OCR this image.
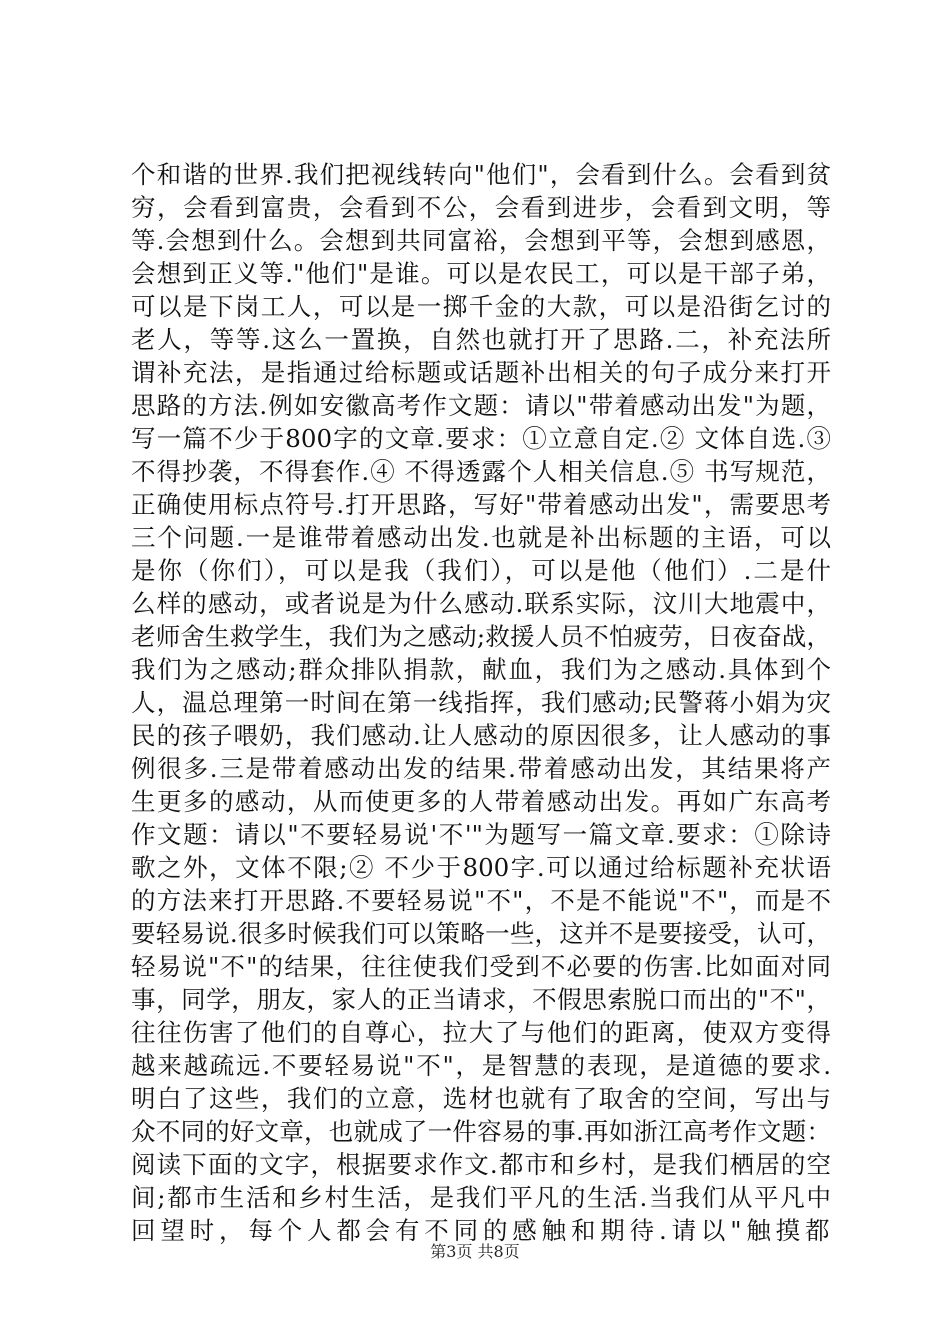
个和谐的世界.我们把视线转向"他们"，会看到什么。会看到贫
穷，会看到富贵，会看到不公，会看到进步，会看到文明，等
等.会想到什么。会想到共同富裕，会想到平等，会想到感恩，
会想到正义等."他们"是谁。可以是农民工，可以是干部子弟，
可以是下岗工人，可以是一掷千金的大款，可以是沿街乞讨的
老人，等等.这么一置换，自然也就打开了思路.二，补充法所
谓补充法，是指通过给标题或话题补出相关的句子成分来打开
思路的方法.例如安徽高考作文题：请以"带着感动出发"为题，
写一篇不少于800字的文章.要求：①立意自定.② 文体自选.③
不得抄袭，不得套作.④ 不得透露个人相关信息.⑤ 书写规范，
正确使用标点符号.打开思路，写好"带着感动出发"，需要思考
三个问题.一是谁带着感动出发.也就是补出标题的主语，可以
是你（你们），可以是我（我们），可以是他（他们）.二是什
么样的感动，或者说是为什么感动.联系实际，汶川大地震中，
老师舍生救学生，我们为之感动;救援人员不怕疲劳，日夜奋战，
我们为之感动;群众排队捐款，献血，我们为之感动.具体到个
人，温总理第一时间在第一线指挥，我们感动;民警蒋小娟为灾
民的孩子喂奶，我们感动.让人感动的原因很多，让人感动的事
例很多.三是带着感动出发的结果.带着感动出发，其结果将产
生更多的感动，从而使更多的人带着感动出发。再如广东高考
作文题：请以"不要轻易说'不'"为题写一篇文章.要求：①除诗
歌之外，文体不限;② 不少于800字.可以通过给标题补充状语
的方法来打开思路.不要轻易说"不"，不是不能说"不"，而是不
要轻易说.很多时候我们可以策略一些，这并不是要接受，认可，
轻易说"不"的结果，往往使我们受到不必要的伤害.比如面对同
事，同学，朋友，家人的正当请求，不假思索脱口而出的"不"，
往往伤害了他们的自尊心，拉大了与他们的距离，使双方变得
越来越疏远.不要轻易说"不"，是智慧的表现，是道德的要求.
明白了这些，我们的立意，选材也就有了取舍的空间，写出与
众不同的好文章，也就成了一件容易的事.再如浙江高考作文题：
阅读下面的文字，根据要求作文.都市和乡村，是我们栖居的空
间;都市生活和乡村生活，是我们平凡的生活.当我们从平凡中
回望时，每个人都会有不同的感触和期待.请以"触摸都
第3页 共8页
